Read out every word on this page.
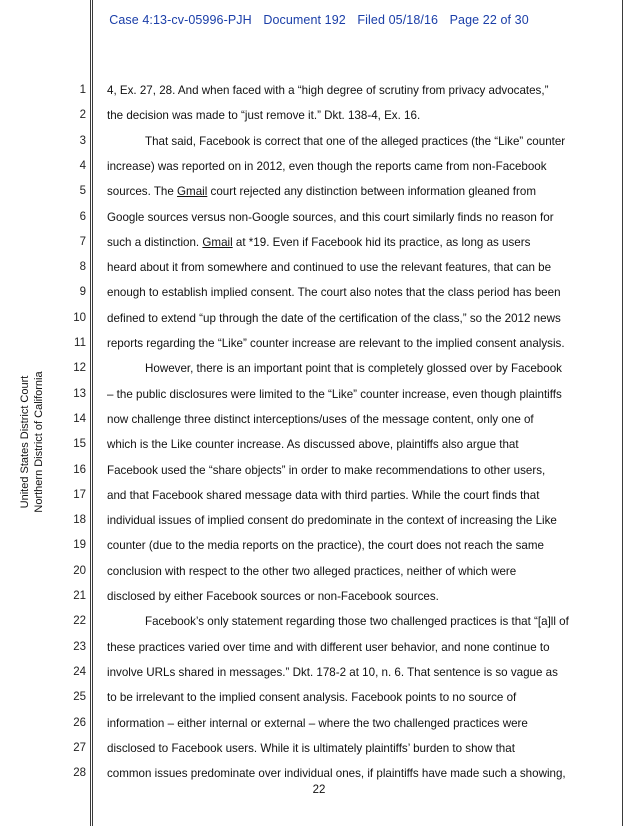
Case 4:13-cv-05996-PJH Document 192 Filed 05/18/16 Page 22 of 30
United States District Court Northern District of California
1
2
3
4
5
6
7
8
9
10
11
12
13
14
15
16
17
18
19
20
21
22
23
24
25
26
27
28
4, Ex. 27, 28. And when faced with a “high degree of scrutiny from privacy advocates,”
the decision was made to “just remove it.” Dkt. 138-4, Ex. 16.
That said, Facebook is correct that one of the alleged practices (the “Like” counter
increase) was reported on in 2012, even though the reports came from non-Facebook
sources. The Gmail court rejected any distinction between information gleaned from
Google sources versus non-Google sources, and this court similarly finds no reason for
such a distinction. Gmail at *19. Even if Facebook hid its practice, as long as users
heard about it from somewhere and continued to use the relevant features, that can be
enough to establish implied consent. The court also notes that the class period has been
defined to extend “up through the date of the certification of the class,” so the 2012 news
reports regarding the “Like” counter increase are relevant to the implied consent analysis.
However, there is an important point that is completely glossed over by Facebook
– the public disclosures were limited to the “Like” counter increase, even though plaintiffs
now challenge three distinct interceptions/uses of the message content, only one of
which is the Like counter increase. As discussed above, plaintiffs also argue that
Facebook used the “share objects” in order to make recommendations to other users,
and that Facebook shared message data with third parties. While the court finds that
individual issues of implied consent do predominate in the context of increasing the Like
counter (due to the media reports on the practice), the court does not reach the same
conclusion with respect to the other two alleged practices, neither of which were
disclosed by either Facebook sources or non-Facebook sources.
Facebook’s only statement regarding those two challenged practices is that “[a]ll of
these practices varied over time and with different user behavior, and none continue to
involve URLs shared in messages.” Dkt. 178-2 at 10, n. 6. That sentence is so vague as
to be irrelevant to the implied consent analysis. Facebook points to no source of
information – either internal or external – where the two challenged practices were
disclosed to Facebook users. While it is ultimately plaintiffs’ burden to show that
common issues predominate over individual ones, if plaintiffs have made such a showing,
22
